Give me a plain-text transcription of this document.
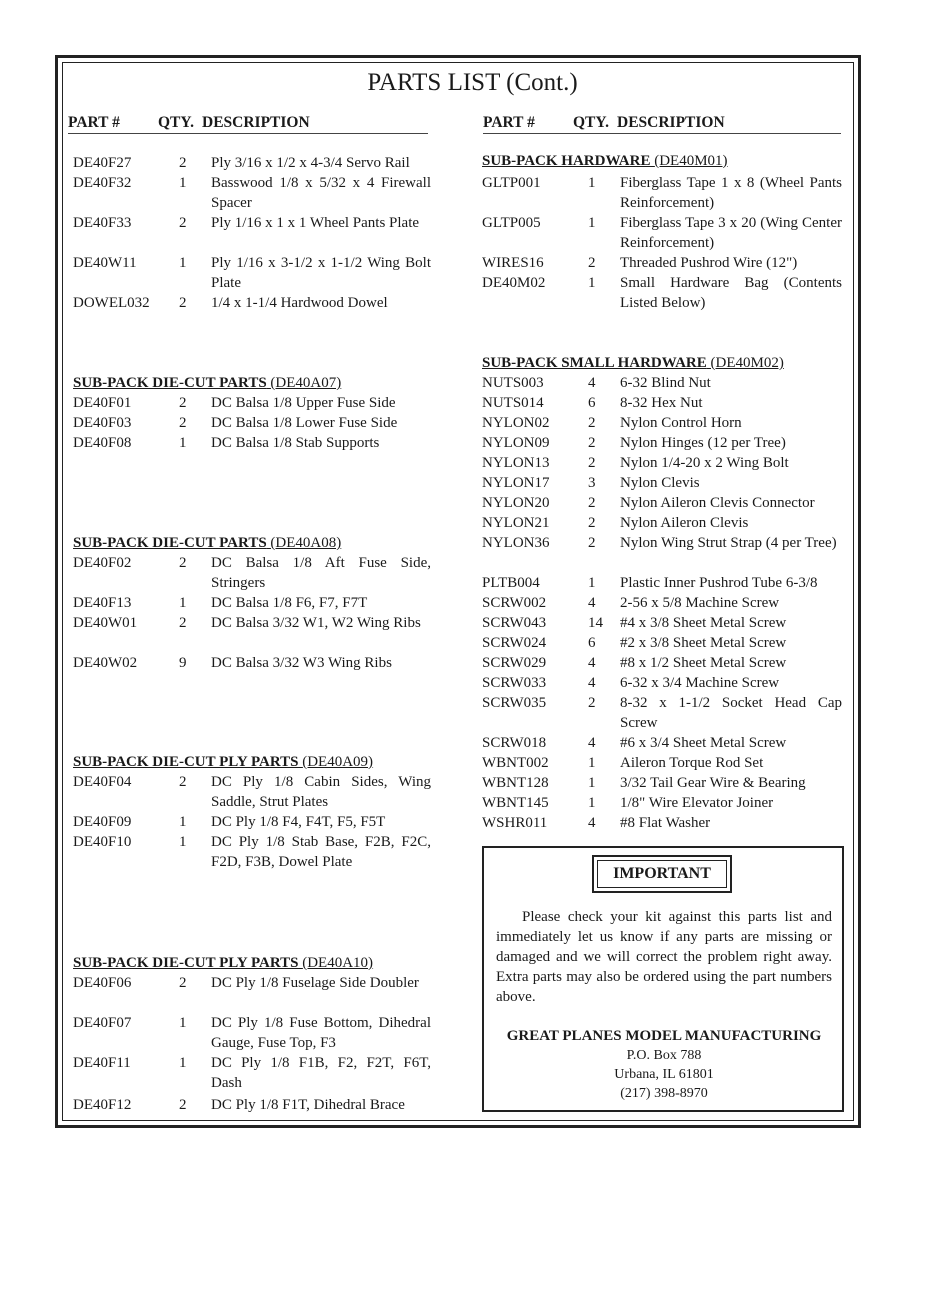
PARTS LIST (Cont.)
PART # QTY. DESCRIPTION	PART # QTY. DESCRIPTION
DE40F27	2 Ply 3/16 x 1/2 x 4-3/4 Servo Rail
DE40F32	1 Basswood 1/8 x 5/32 x 4 Firewall Spacer
DE40F33	2 Ply 1/16 x 1 x 1 Wheel Pants Plate
DE40W11	1 Ply 1/16 x 3-1/2 x 1-1/2 Wing Bolt Plate
DOWEL032 2 1/4 x 1-1/4 Hardwood Dowel
SUB-PACK DIE-CUT PARTS (DE40A07)
DE40F01	2 DC Balsa 1/8 Upper Fuse Side
DE40F03	2 DC Balsa 1/8 Lower Fuse Side
DE40F08	1 DC Balsa 1/8 Stab Supports
SUB-PACK DIE-CUT PARTS (DE40A08)
DE40F02	2 DC Balsa 1/8 Aft Fuse Side, Stringers
DE40F13	1 DC Balsa 1/8 F6, F7, F7T
DE40W01	2 DC Balsa 3/32 W1, W2 Wing Ribs
DE40W02	9 DC Balsa 3/32 W3 Wing Ribs
SUB-PACK DIE-CUT PLY PARTS (DE40A09)
DE40F04	2 DC Ply 1/8 Cabin Sides, Wing Saddle, Strut Plates
DE40F09	1 DC Ply 1/8 F4, F4T, F5, F5T
DE40F10	1 DC Ply 1/8 Stab Base, F2B, F2C, F2D, F3B, Dowel Plate
SUB-PACK DIE-CUT PLY PARTS (DE40A10)
DE40F06	2 DC Ply 1/8 Fuselage Side Doubler
DE40F07	1 DC Ply 1/8 Fuse Bottom, Dihedral Gauge, Fuse Top, F3
DE40F11	1 DC Ply 1/8 F1B, F2, F2T, F6T, Dash
DE40F12	2 DC Ply 1/8 F1T, Dihedral Brace
SUB-PACK HARDWARE (DE40M01)
GLTP001	1 Fiberglass Tape 1 x 8 (Wheel Pants Reinforcement)
GLTP005	1 Fiberglass Tape 3 x 20 (Wing Center Reinforcement)
WIRES16	2 Threaded Pushrod Wire (12")
DE40M02	1 Small Hardware Bag (Contents Listed Below)
SUB-PACK SMALL HARDWARE (DE40M02)
NUTS003	4 6-32 Blind Nut
NUTS014	6 8-32 Hex Nut
NYLON02	2 Nylon Control Horn
NYLON09	2 Nylon Hinges (12 per Tree)
NYLON13	2 Nylon 1/4-20 x 2 Wing Bolt
NYLON17	3 Nylon Clevis
NYLON20	2 Nylon Aileron Clevis Connector
NYLON21	2 Nylon Aileron Clevis
NYLON36	2 Nylon Wing Strut Strap (4 per Tree)
PLTB004	1 Plastic Inner Pushrod Tube 6-3/8
SCRW002	4 2-56 x 5/8 Machine Screw
SCRW043	14 #4 x 3/8 Sheet Metal Screw
SCRW024	6 #2 x 3/8 Sheet Metal Screw
SCRW029	4 #8 x 1/2 Sheet Metal Screw
SCRW033	4 6-32 x 3/4 Machine Screw
SCRW035	2 8-32 x 1-1/2 Socket Head Cap Screw
SCRW018	4 #6 x 3/4 Sheet Metal Screw
WBNT002	1 Aileron Torque Rod Set
WBNT128	1 3/32 Tail Gear Wire & Bearing
WBNT145	1 1/8" Wire Elevator Joiner
WSHR011	4 #8 Flat Washer
IMPORTANT
Please check your kit against this parts list and immediately let us know if any parts are missing or damaged and we will correct the problem right away. Extra parts may also be ordered using the part numbers above.
GREAT PLANES MODEL MANUFACTURING
P.O. Box 788
Urbana, IL 61801
(217) 398-8970
